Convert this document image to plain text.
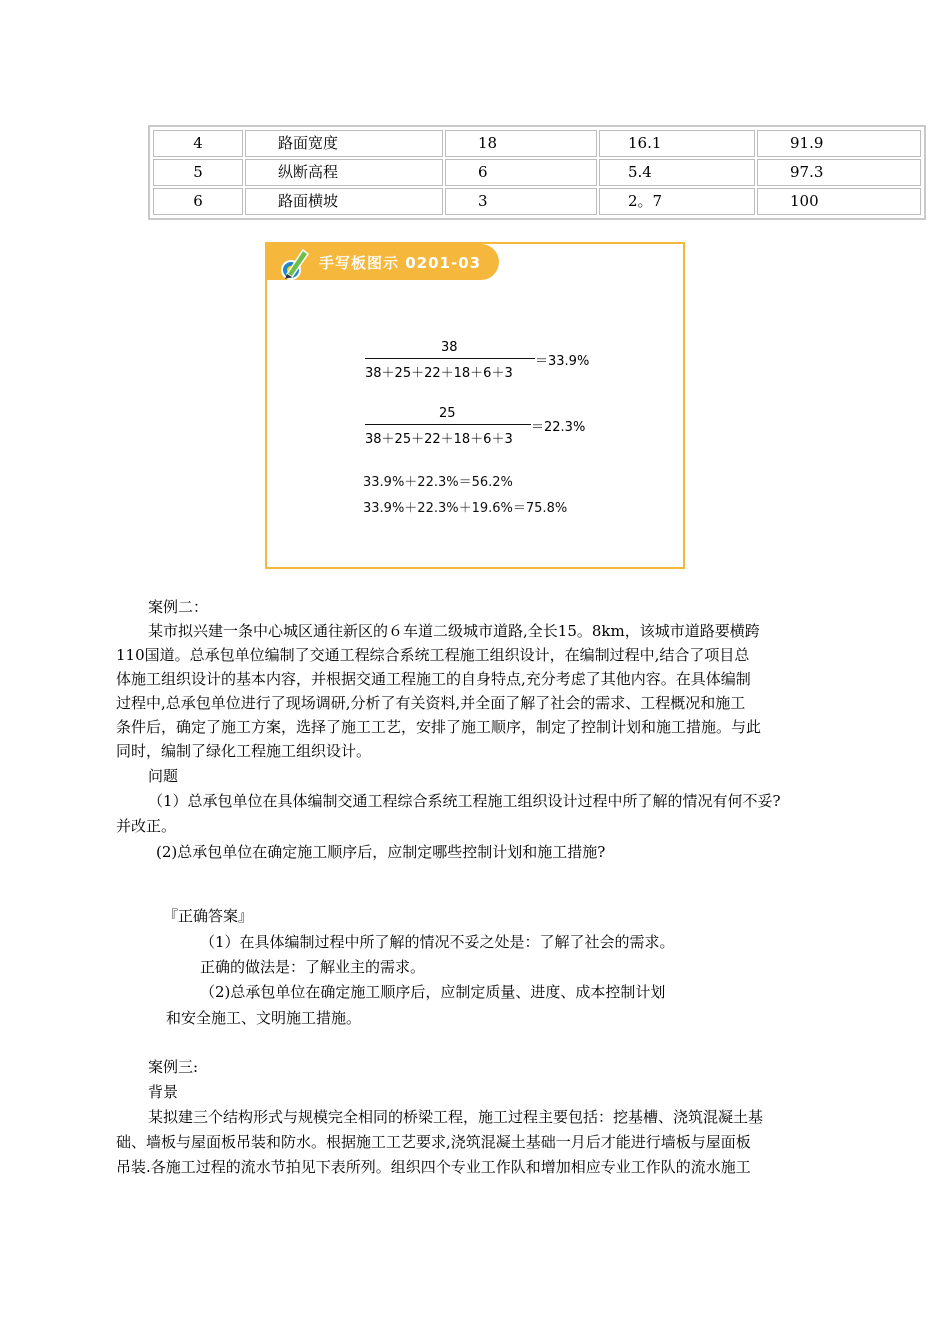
4	路面宽度	18	16.1	91.9
5	纵断高程	6	5.4	97.3
6	路面横坡	3	2。7	100
手写板图示 0201-03
38
38＋25＋22＋18＋6＋3
＝33.9%
25
38＋25＋22＋18＋6＋3
＝22.3%
33.9%＋22.3%＝56.2%
33.9%＋22.3%＋19.6%＝75.8%
案例二：
某市拟兴建一条中心城区通往新区的６车道二级城市道路,全长15。8km，该城市道路要横跨
110国道。总承包单位编制了交通工程综合系统工程施工组织设计，在编制过程中,结合了项目总
体施工组织设计的基本内容，并根据交通工程施工的自身特点,充分考虑了其他内容。在具体编制
过程中,总承包单位进行了现场调研,分析了有关资料,并全面了解了社会的需求、工程概况和施工
条件后，确定了施工方案，选择了施工工艺，安排了施工顺序，制定了控制计划和施工措施。与此
同时，编制了绿化工程施工组织设计。
问题
（1）总承包单位在具体编制交通工程综合系统工程施工组织设计过程中所了解的情况有何不妥?
并改正。
(2)总承包单位在确定施工顺序后，应制定哪些控制计划和施工措施?
『正确答案』
（1）在具体编制过程中所了解的情况不妥之处是：了解了社会的需求。
正确的做法是：了解业主的需求。
（2)总承包单位在确定施工顺序后，应制定质量、进度、成本控制计划
和安全施工、文明施工措施。
案例三:
背景
某拟建三个结构形式与规模完全相同的桥梁工程，施工过程主要包括：挖基槽、浇筑混凝土基
础、墙板与屋面板吊装和防水。根据施工工艺要求,浇筑混凝土基础一月后才能进行墙板与屋面板
吊装.各施工过程的流水节拍见下表所列。组织四个专业工作队和增加相应专业工作队的流水施工
